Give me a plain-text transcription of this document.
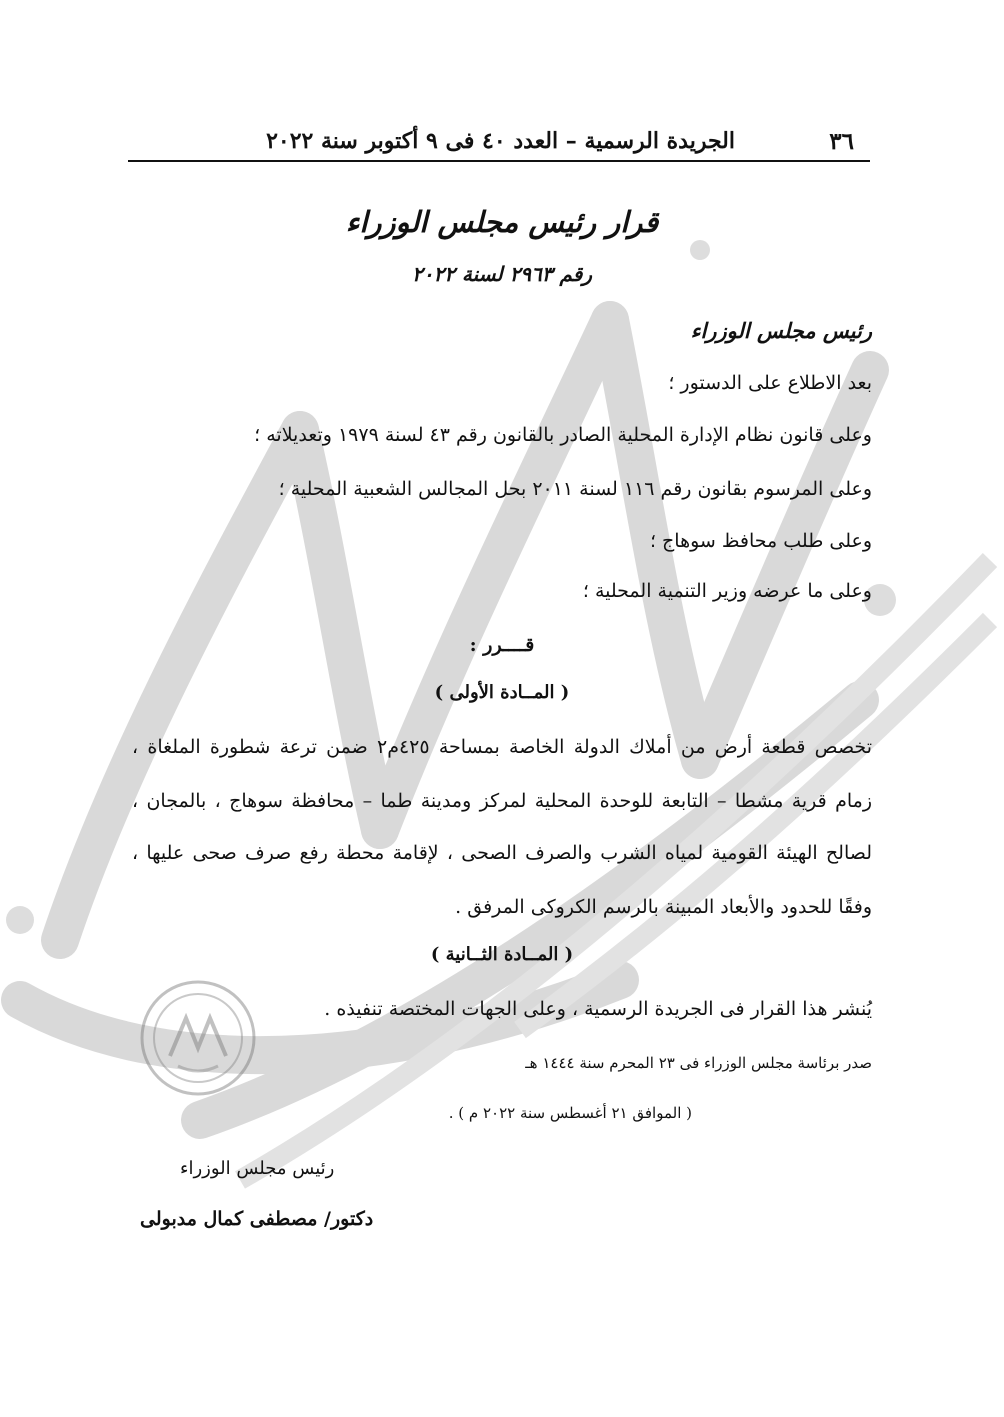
٣٦
الجريدة الرسمية – العدد ٤٠ فى ٩ أكتوبر سنة ٢٠٢٢
قرار رئيس مجلس الوزراء
رقم ٢٩٦٣ لسنة ٢٠٢٢
رئيس مجلس الوزراء
بعد الاطلاع على الدستور ؛
وعلى قانون نظام الإدارة المحلية الصادر بالقانون رقم ٤٣ لسنة ١٩٧٩ وتعديلاته ؛
وعلى المرسوم بقانون رقم ١١٦ لسنة ٢٠١١ بحل المجالس الشعبية المحلية ؛
وعلى طلب محافظ سوهاج ؛
وعلى ما عرضه وزير التنمية المحلية ؛
قــــرر :
( المــادة الأولى )
تخصص قطعة أرض من أملاك الدولة الخاصة بمساحة ٤٢٥م٢ ضمن ترعة شطورة الملغاة ،
زمام قرية مشطا – التابعة للوحدة المحلية لمركز ومدينة طما – محافظة سوهاج ، بالمجان ،
لصالح الهيئة القومية لمياه الشرب والصرف الصحى ، لإقامة محطة رفع صرف صحى عليها ،
وفقًا للحدود والأبعاد المبينة بالرسم الكروكى المرفق .
( المــادة الثــانية )
يُنشر هذا القرار فى الجريدة الرسمية ، وعلى الجهات المختصة تنفيذه .
صدر برئاسة مجلس الوزراء فى ٢٣ المحرم سنة ١٤٤٤ هـ
( الموافق ٢١ أغسطس سنة ٢٠٢٢ م ) .
رئيس مجلس الوزراء
دكتور/ مصطفى كمال مدبولى
